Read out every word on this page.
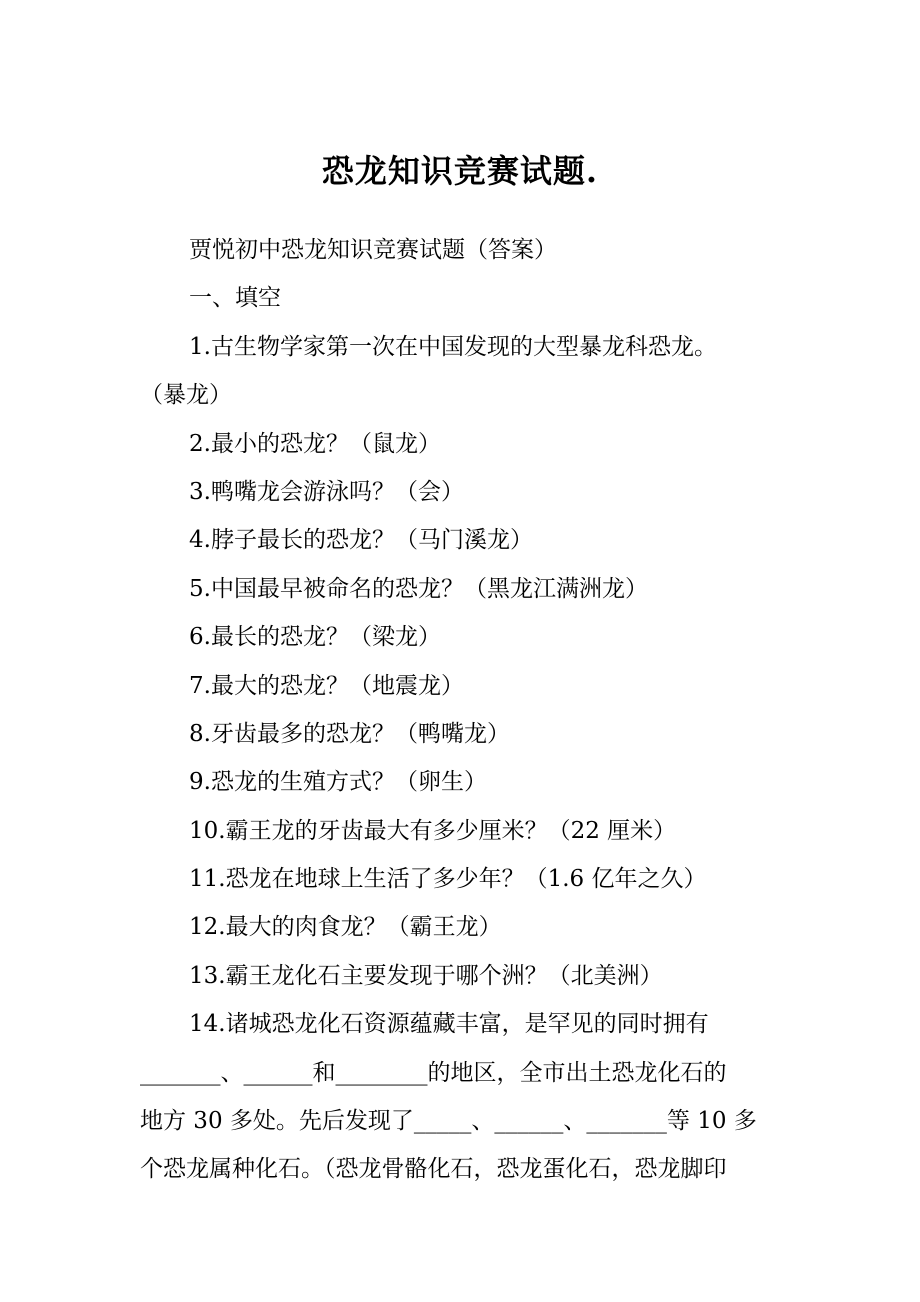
恐龙知识竞赛试题.
贾悦初中恐龙知识竞赛试题（答案）
一、填空
1.古生物学家第一次在中国发现的大型暴龙科恐龙。
（暴龙）
2.最小的恐龙？（鼠龙）
3.鸭嘴龙会游泳吗？（会）
4.脖子最长的恐龙？（马门溪龙）
5.中国最早被命名的恐龙？（黑龙江满洲龙）
6.最长的恐龙？（梁龙）
7.最大的恐龙？（地震龙）
8.牙齿最多的恐龙？（鸭嘴龙）
9.恐龙的生殖方式？（卵生）
10.霸王龙的牙齿最大有多少厘米？（22 厘米）
11.恐龙在地球上生活了多少年？（1.6 亿年之久）
12.最大的肉食龙？（霸王龙）
13.霸王龙化石主要发现于哪个洲？（北美洲）
14.诸城恐龙化石资源蕴藏丰富，是罕见的同时拥有
_______、______和________的地区，全市出土恐龙化石的
地方 30 多处。先后发现了_____、______、_______等 10 多
个恐龙属种化石。（恐龙骨骼化石，恐龙蛋化石，恐龙脚印
